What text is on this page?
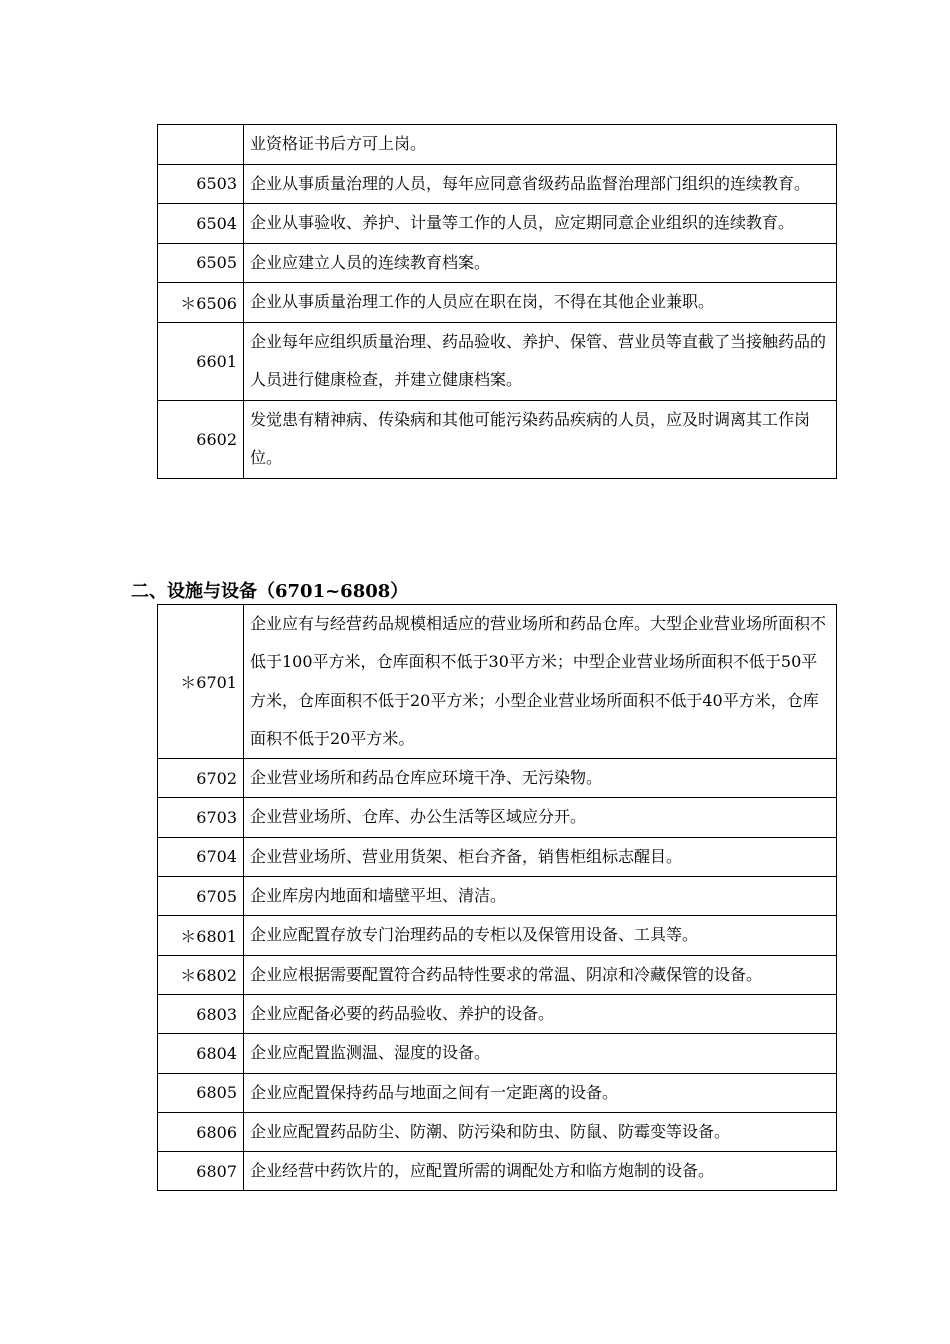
	业资格证书后方可上岗。
6503	企业从事质量治理的人员，每年应同意省级药品监督治理部门组织的连续教育。
6504	企业从事验收、养护、计量等工作的人员，应定期同意企业组织的连续教育。
6505	企业应建立人员的连续教育档案。
＊6506	企业从事质量治理工作的人员应在职在岗，不得在其他企业兼职。
6601	企业每年应组织质量治理、药品验收、养护、保管、营业员等直截了当接触药品的人员进行健康检查，并建立健康档案。
6602	发觉患有精神病、传染病和其他可能污染药品疾病的人员，应及时调离其工作岗位。
二、设施与设备（6701~6808）
＊6701	企业应有与经营药品规模相适应的营业场所和药品仓库。大型企业营业场所面积不低于100平方米，仓库面积不低于30平方米；中型企业营业场所面积不低于50平方米，仓库面积不低于20平方米；小型企业营业场所面积不低于40平方米，仓库面积不低于20平方米。
6702	企业营业场所和药品仓库应环境干净、无污染物。
6703	企业营业场所、仓库、办公生活等区域应分开。
6704	企业营业场所、营业用货架、柜台齐备，销售柜组标志醒目。
6705	企业库房内地面和墙壁平坦、清洁。
＊6801	企业应配置存放专门治理药品的专柜以及保管用设备、工具等。
＊6802	企业应根据需要配置符合药品特性要求的常温、阴凉和冷藏保管的设备。
6803	企业应配备必要的药品验收、养护的设备。
6804	企业应配置监测温、湿度的设备。
6805	企业应配置保持药品与地面之间有一定距离的设备。
6806	企业应配置药品防尘、防潮、防污染和防虫、防鼠、防霉变等设备。
6807	企业经营中药饮片的，应配置所需的调配处方和临方炮制的设备。
